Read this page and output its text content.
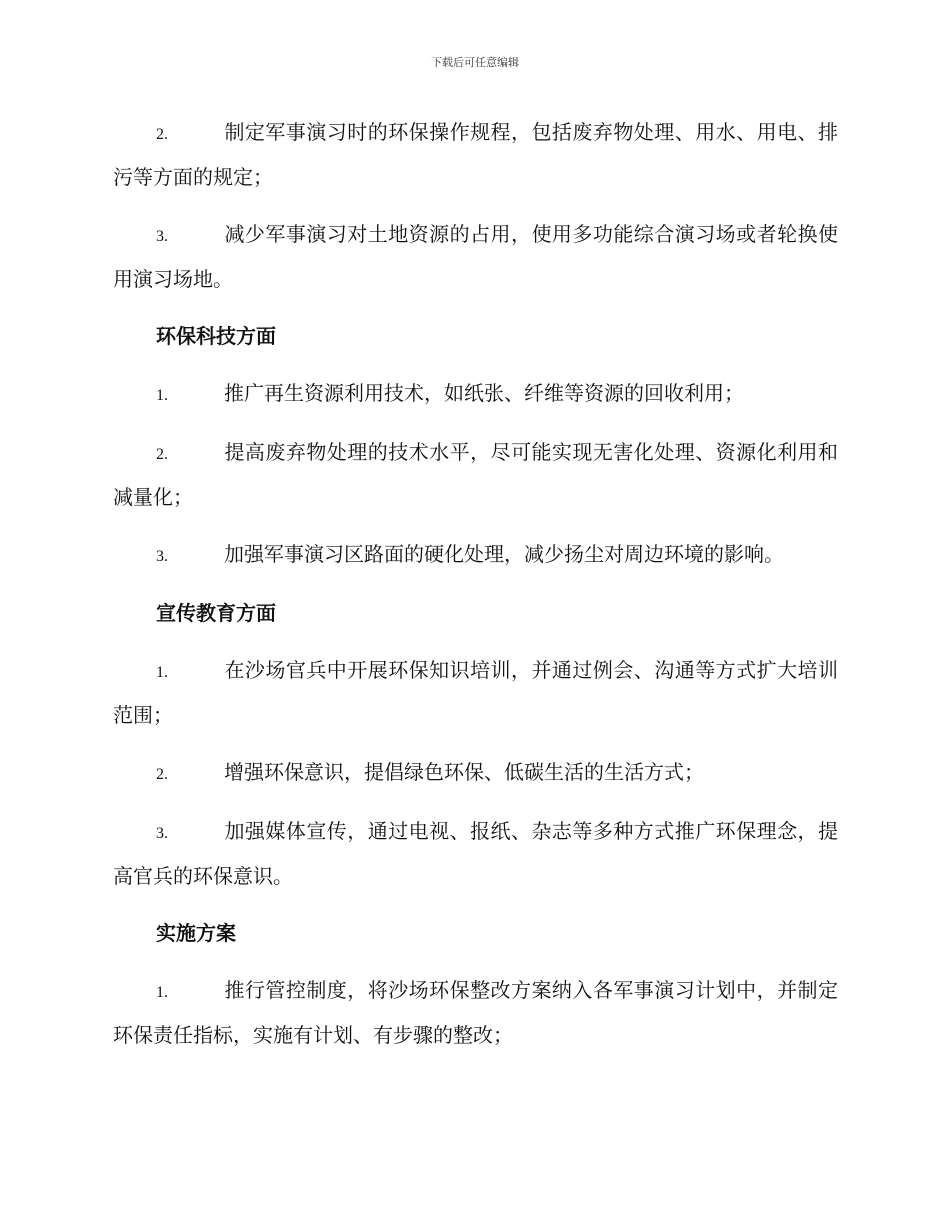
下载后可任意编辑

2.	制定军事演习时的环保操作规程，包括废弃物处理、用水、用电、排污等方面的规定；

3.	减少军事演习对土地资源的占用，使用多功能综合演习场或者轮换使用演习场地。

环保科技方面

1.	推广再生资源利用技术，如纸张、纤维等资源的回收利用；

2.	提高废弃物处理的技术水平，尽可能实现无害化处理、资源化利用和减量化；

3.	加强军事演习区路面的硬化处理，减少扬尘对周边环境的影响。

宣传教育方面

1.	在沙场官兵中开展环保知识培训，并通过例会、沟通等方式扩大培训范围；

2.	增强环保意识，提倡绿色环保、低碳生活的生活方式；

3.	加强媒体宣传，通过电视、报纸、杂志等多种方式推广环保理念，提高官兵的环保意识。

实施方案

1.	推行管控制度，将沙场环保整改方案纳入各军事演习计划中，并制定环保责任指标，实施有计划、有步骤的整改；
